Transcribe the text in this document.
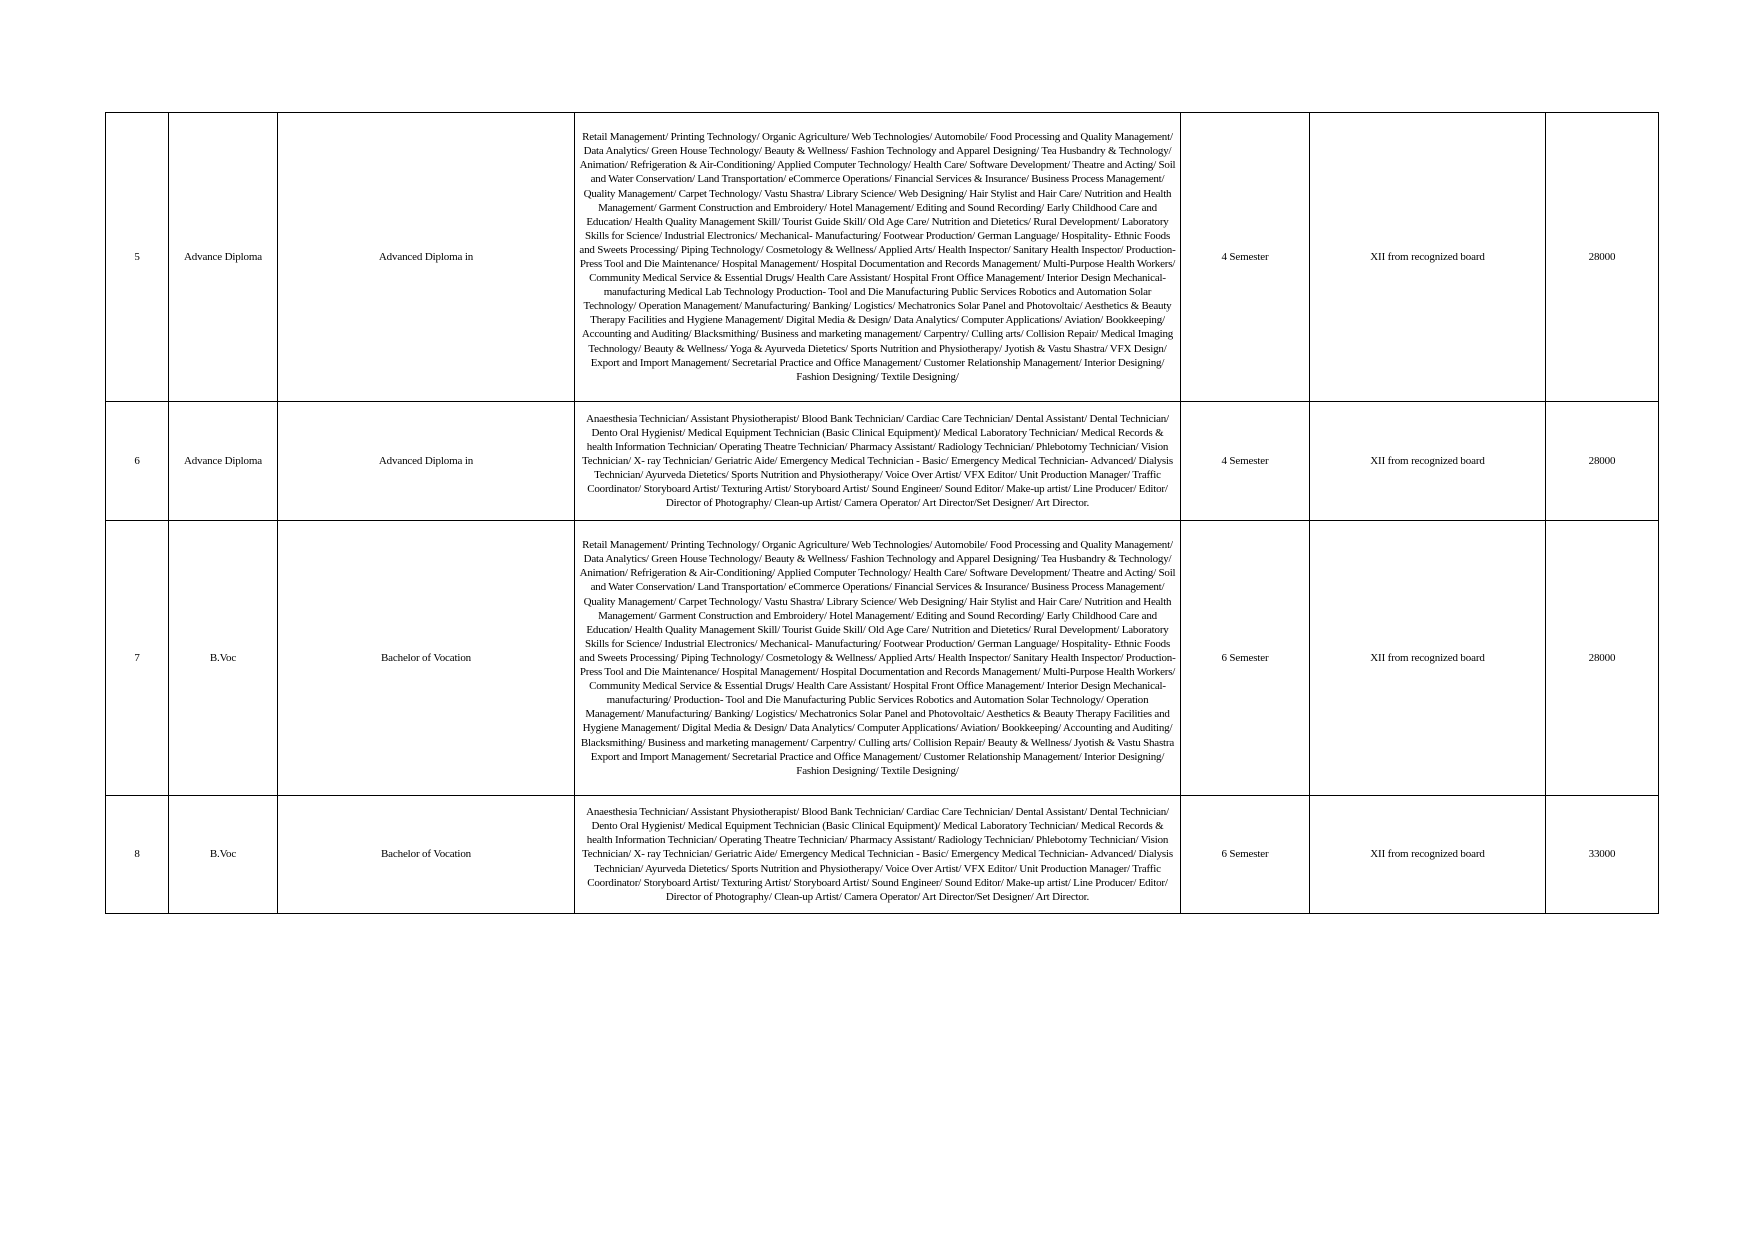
5	Advance Diploma	Advanced Diploma in	Retail Management/ Printing Technology/ Organic Agriculture/ Web Technologies/ Automobile/ Food Processing and Quality Management/ Data Analytics/ Green House Technology/ Beauty & Wellness/ Fashion Technology and Apparel Designing/ Tea Husbandry & Technology/ Animation/ Refrigeration & Air-Conditioning/ Applied Computer Technology/ Health Care/ Software Development/ Theatre and Acting/ Soil and Water Conservation/ Land Transportation/ eCommerce Operations/ Financial Services & Insurance/ Business Process Management/ Quality Management/ Carpet Technology/ Vastu Shastra/ Library Science/ Web Designing/ Hair Stylist and Hair Care/ Nutrition and Health Management/ Garment Construction and Embroidery/ Hotel Management/ Editing and Sound Recording/ Early Childhood Care and Education/ Health Quality Management Skill/ Tourist Guide Skill/ Old Age Care/ Nutrition and Dietetics/ Rural Development/ Laboratory Skills for Science/ Industrial Electronics/ Mechanical- Manufacturing/ Footwear Production/ German Language/ Hospitality- Ethnic Foods and Sweets Processing/ Piping Technology/ Cosmetology & Wellness/ Applied Arts/ Health Inspector/ Sanitary Health Inspector/ Production- Press Tool and Die Maintenance/ Hospital Management/ Hospital Documentation and Records Management/ Multi-Purpose Health Workers/ Community Medical Service & Essential Drugs/ Health Care Assistant/ Hospital Front Office Management/ Interior Design Mechanical- manufacturing Medical Lab Technology Production- Tool and Die Manufacturing Public Services Robotics and Automation Solar Technology/ Operation Management/ Manufacturing/ Banking/ Logistics/ Mechatronics Solar Panel and Photovoltaic/ Aesthetics & Beauty Therapy Facilities and Hygiene Management/ Digital Media & Design/ Data Analytics/ Computer Applications/ Aviation/ Bookkeeping/ Accounting and Auditing/ Blacksmithing/ Business and marketing management/ Carpentry/ Culling arts/ Collision Repair/ Medical Imaging Technology/ Beauty & Wellness/ Yoga & Ayurveda Dietetics/ Sports Nutrition and Physiotherapy/ Jyotish & Vastu Shastra/ VFX Design/ Export and Import Management/ Secretarial Practice and Office Management/ Customer Relationship Management/ Interior Designing/ Fashion Designing/ Textile Designing/	4 Semester	XII from recognized board	28000
6	Advance Diploma	Advanced Diploma in	Anaesthesia Technician/ Assistant Physiotherapist/ Blood Bank Technician/ Cardiac Care Technician/ Dental Assistant/ Dental Technician/ Dento Oral Hygienist/ Medical Equipment Technician (Basic Clinical Equipment)/ Medical Laboratory Technician/ Medical Records & health Information Technician/ Operating Theatre Technician/ Pharmacy Assistant/ Radiology Technician/ Phlebotomy Technician/ Vision Technician/ X- ray Technician/ Geriatric Aide/ Emergency Medical Technician - Basic/ Emergency Medical Technician- Advanced/ Dialysis Technician/ Ayurveda Dietetics/ Sports Nutrition and Physiotherapy/ Voice Over Artist/ VFX Editor/ Unit Production Manager/ Traffic Coordinator/ Storyboard Artist/ Texturing Artist/ Storyboard Artist/ Sound Engineer/ Sound Editor/ Make-up artist/ Line Producer/ Editor/ Director of Photography/ Clean-up Artist/ Camera Operator/ Art Director/Set Designer/ Art Director.	4 Semester	XII from recognized board	28000
7	B.Voc	Bachelor of Vocation	Retail Management/ Printing Technology/ Organic Agriculture/ Web Technologies/ Automobile/ Food Processing and Quality Management/ Data Analytics/ Green House Technology/ Beauty & Wellness/ Fashion Technology and Apparel Designing/ Tea Husbandry & Technology/ Animation/ Refrigeration & Air-Conditioning/ Applied Computer Technology/ Health Care/ Software Development/ Theatre and Acting/ Soil and Water Conservation/ Land Transportation/ eCommerce Operations/ Financial Services & Insurance/ Business Process Management/ Quality Management/ Carpet Technology/ Vastu Shastra/ Library Science/ Web Designing/ Hair Stylist and Hair Care/ Nutrition and Health Management/ Garment Construction and Embroidery/ Hotel Management/ Editing and Sound Recording/ Early Childhood Care and Education/ Health Quality Management Skill/ Tourist Guide Skill/ Old Age Care/ Nutrition and Dietetics/ Rural Development/ Laboratory Skills for Science/ Industrial Electronics/ Mechanical- Manufacturing/ Footwear Production/ German Language/ Hospitality- Ethnic Foods and Sweets Processing/ Piping Technology/ Cosmetology & Wellness/ Applied Arts/ Health Inspector/ Sanitary Health Inspector/ Production- Press Tool and Die Maintenance/ Hospital Management/ Hospital Documentation and Records Management/ Multi-Purpose Health Workers/ Community Medical Service & Essential Drugs/ Health Care Assistant/ Hospital Front Office Management/ Interior Design Mechanical- manufacturing/ Production- Tool and Die Manufacturing Public Services Robotics and Automation Solar Technology/ Operation Management/ Manufacturing/ Banking/ Logistics/ Mechatronics Solar Panel and Photovoltaic/ Aesthetics & Beauty Therapy Facilities and Hygiene Management/ Digital Media & Design/ Data Analytics/ Computer Applications/ Aviation/ Bookkeeping/ Accounting and Auditing/ Blacksmithing/ Business and marketing management/ Carpentry/ Culling arts/ Collision Repair/ Beauty & Wellness/ Jyotish & Vastu Shastra Export and Import Management/ Secretarial Practice and Office Management/ Customer Relationship Management/ Interior Designing/ Fashion Designing/ Textile Designing/	6 Semester	XII from recognized board	28000
8	B.Voc	Bachelor of Vocation	Anaesthesia Technician/ Assistant Physiotherapist/ Blood Bank Technician/ Cardiac Care Technician/ Dental Assistant/ Dental Technician/ Dento Oral Hygienist/ Medical Equipment Technician (Basic Clinical Equipment)/ Medical Laboratory Technician/ Medical Records & health Information Technician/ Operating Theatre Technician/ Pharmacy Assistant/ Radiology Technician/ Phlebotomy Technician/ Vision Technician/ X- ray Technician/ Geriatric Aide/ Emergency Medical Technician - Basic/ Emergency Medical Technician- Advanced/ Dialysis Technician/ Ayurveda Dietetics/ Sports Nutrition and Physiotherapy/ Voice Over Artist/ VFX Editor/ Unit Production Manager/ Traffic Coordinator/ Storyboard Artist/ Texturing Artist/ Storyboard Artist/ Sound Engineer/ Sound Editor/ Make-up artist/ Line Producer/ Editor/ Director of Photography/ Clean-up Artist/ Camera Operator/ Art Director/Set Designer/ Art Director.	6 Semester	XII from recognized board	33000
